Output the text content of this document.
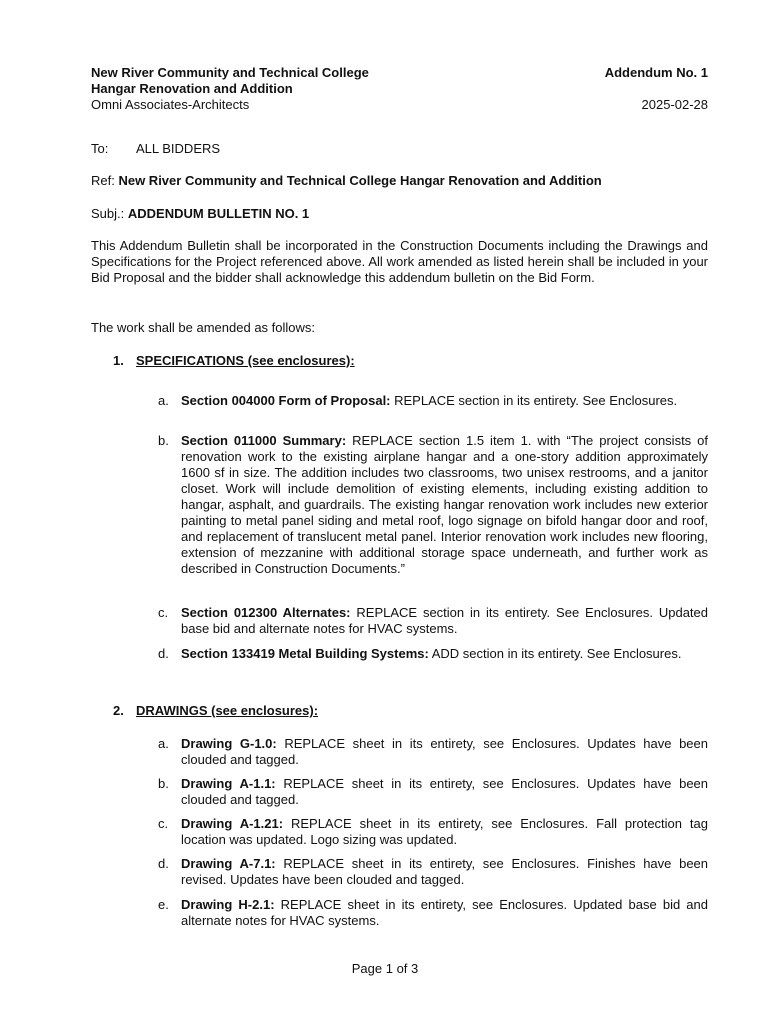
New River Community and Technical College	Addendum No. 1
Hangar Renovation and Addition
Omni Associates-Architects	2025-02-28
To: ALL BIDDERS
Ref: New River Community and Technical College Hangar Renovation and Addition
Subj.: ADDENDUM BULLETIN NO. 1
This Addendum Bulletin shall be incorporated in the Construction Documents including the Drawings and Specifications for the Project referenced above. All work amended as listed herein shall be included in your Bid Proposal and the bidder shall acknowledge this addendum bulletin on the Bid Form.
The work shall be amended as follows:
1. SPECIFICATIONS (see enclosures):
a. Section 004000 Form of Proposal: REPLACE section in its entirety. See Enclosures.
b. Section 011000 Summary: REPLACE section 1.5 item 1. with “The project consists of renovation work to the existing airplane hangar and a one-story addition approximately 1600 sf in size. The addition includes two classrooms, two unisex restrooms, and a janitor closet. Work will include demolition of existing elements, including existing addition to hangar, asphalt, and guardrails. The existing hangar renovation work includes new exterior painting to metal panel siding and metal roof, logo signage on bifold hangar door and roof, and replacement of translucent metal panel. Interior renovation work includes new flooring, extension of mezzanine with additional storage space underneath, and further work as described in Construction Documents.”
c. Section 012300 Alternates: REPLACE section in its entirety. See Enclosures. Updated base bid and alternate notes for HVAC systems.
d. Section 133419 Metal Building Systems: ADD section in its entirety. See Enclosures.
2. DRAWINGS (see enclosures):
a. Drawing G-1.0: REPLACE sheet in its entirety, see Enclosures. Updates have been clouded and tagged.
b. Drawing A-1.1: REPLACE sheet in its entirety, see Enclosures. Updates have been clouded and tagged.
c. Drawing A-1.21: REPLACE sheet in its entirety, see Enclosures. Fall protection tag location was updated. Logo sizing was updated.
d. Drawing A-7.1: REPLACE sheet in its entirety, see Enclosures. Finishes have been revised. Updates have been clouded and tagged.
e. Drawing H-2.1: REPLACE sheet in its entirety, see Enclosures. Updated base bid and alternate notes for HVAC systems.
Page 1 of 3
